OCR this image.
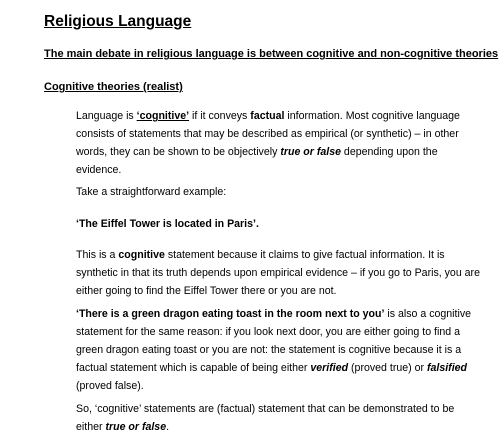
Religious Language
The main debate in religious language is between cognitive and non-cognitive theories
Cognitive theories (realist)

Language is ‘cognitive’ if it conveys factual information. Most cognitive language consists of statements that may be described as empirical (or synthetic) – in other words, they can be shown to be objectively true or false depending upon the evidence.

Take a straightforward example:

‘The Eiffel Tower is located in Paris’.

This is a cognitive statement because it claims to give factual information. It is synthetic in that its truth depends upon empirical evidence – if you go to Paris, you are either going to find the Eiffel Tower there or you are not.

‘There is a green dragon eating toast in the room next to you’ is also a cognitive statement for the same reason: if you look next door, you are either going to find a green dragon eating toast or you are not: the statement is cognitive because it is a factual statement which is capable of being either verified (proved true) or falsified (proved false).

So, ‘cognitive’ statements are (factual) statement that can be demonstrated to be either true or false.
